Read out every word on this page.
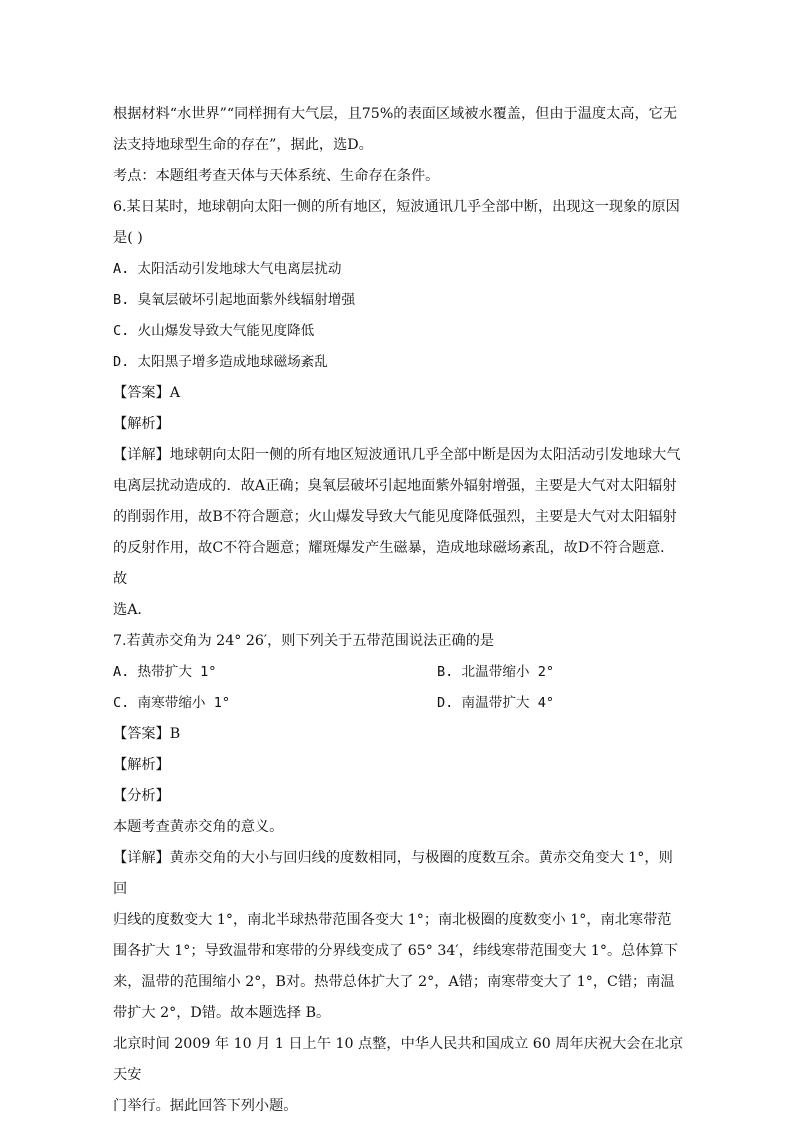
根据材料“水世界”“同样拥有大气层，且75%的表面区域被水覆盖，但由于温度太高，它无

法支持地球型生命的存在”，据此，选D。

考点：本题组考查天体与天体系统、生命存在条件。

6.某日某时，地球朝向太阳一侧的所有地区，短波通讯几乎全部中断，出现这一现象的原因

是( )

A. 太阳活动引发地球大气电离层扰动

B. 臭氧层破坏引起地面紫外线辐射增强

C. 火山爆发导致大气能见度降低

D. 太阳黑子增多造成地球磁场紊乱

【答案】A

【解析】

【详解】地球朝向太阳一侧的所有地区短波通讯几乎全部中断是因为太阳活动引发地球大气

电离层扰动造成的．故A正确；臭氧层破坏引起地面紫外辐射增强，主要是大气对太阳辐射

的削弱作用，故B不符合题意；火山爆发导致大气能见度降低强烈，主要是大气对太阳辐射

的反射作用，故C不符合题意；耀斑爆发产生磁暴，造成地球磁场紊乱，故D不符合题意．故

选A．

7.若黄赤交角为 24° 26′，则下列关于五带范围说法正确的是

A. 热带扩大 1°	B. 北温带缩小 2°
C. 南寒带缩小 1°	D. 南温带扩大 4°

【答案】B

【解析】

【分析】

本题考查黄赤交角的意义。

【详解】黄赤交角的大小与回归线的度数相同，与极圈的度数互余。黄赤交角变大 1°，则回

归线的度数变大 1°，南北半球热带范围各变大 1°；南北极圈的度数变小 1°，南北寒带范

围各扩大 1°；导致温带和寒带的分界线变成了 65° 34′，纬线寒带范围变大 1°。总体算下

来，温带的范围缩小 2°，B对。热带总体扩大了 2°，A错；南寒带变大了 1°，C错；南温

带扩大 2°，D错。故本题选择 B。

北京时间 2009 年 10 月 1 日上午 10 点整，中华人民共和国成立 60 周年庆祝大会在北京天安

门举行。据此回答下列小题。
